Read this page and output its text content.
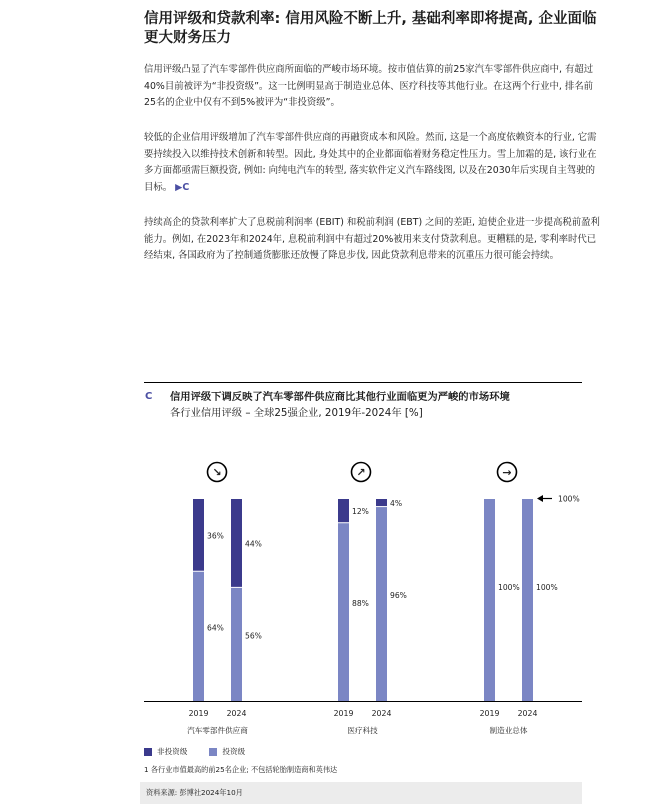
信用评级和贷款利率: 信用风险不断上升, 基础利率即将提高, 企业面临更大财务压力
信用评级凸显了汽车零部件供应商所面临的严峻市场环境。按市值估算的前25家汽车零部件供应商中, 有超过40%目前被评为“非投资级”。这一比例明显高于制造业总体、医疗科技等其他行业。在这两个行业中, 排名前25名的企业中仅有不到5%被评为“非投资级”。
较低的企业信用评级增加了汽车零部件供应商的再融资成本和风险。然而, 这是一个高度依赖资本的行业, 它需要持续投入以维持技术创新和转型。因此, 身处其中的企业都面临着财务稳定性压力。雪上加霜的是, 该行业在多方面都亟需巨额投资, 例如: 向纯电汽车的转型, 落实软件定义汽车路线图, 以及在2030年后实现自主驾驶的目标。 ▶C
持续高企的贷款利率扩大了息税前利润率 (EBIT) 和税前利润 (EBT) 之间的差距, 迫使企业进一步提高税前盈利能力。例如, 在2023年和2024年, 息税前利润中有超过20%被用来支付贷款利息。更糟糕的是, 零利率时代已经结束, 各国政府为了控制通货膨胀还放慢了降息步伐, 因此贷款利息带来的沉重压力很可能会持续。
C 信用评级下调反映了汽车零部件供应商比其他行业面临更为严峻的市场环境
各行业信用评级 – 全球25强企业, 2019年-2024年 [%]
↘
36%
64%
2019
44%
56%
2024
汽车零部件供应商
↗
12%
88%
2019
4%
96%
2024
医疗科技
→
100%
2019
100%
2024
制造业总体
100%
非投资级	投资级
1 各行业市值最高的前25名企业; 不包括轮胎制造商和英伟达
资料来源: 彭博社2024年10月
